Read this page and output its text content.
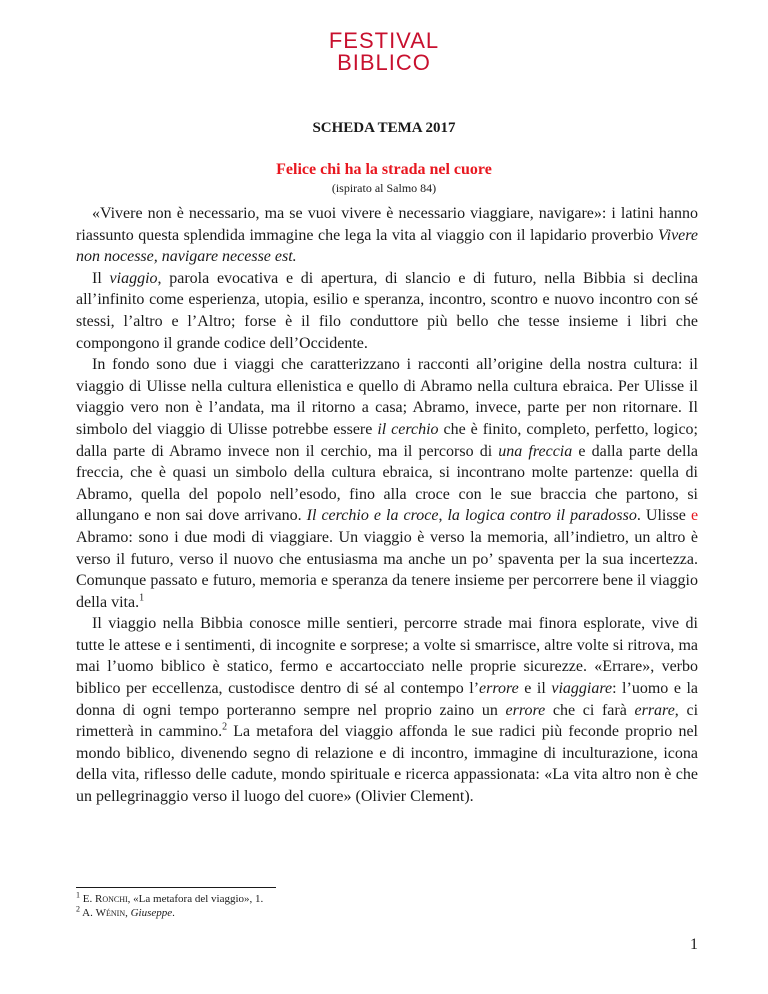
FESTIVAL
BIBLICO
SCHEDA TEMA 2017
Felice chi ha la strada nel cuore
(ispirato al Salmo 84)

«Vivere non è necessario, ma se vuoi vivere è necessario viaggiare, navigare»: i latini hanno riassunto questa splendida immagine che lega la vita al viaggio con il lapidario proverbio Vivere non nocesse, navigare necesse est.

Il viaggio, parola evocativa e di apertura, di slancio e di futuro, nella Bibbia si declina all’infinito come esperienza, utopia, esilio e speranza, incontro, scontro e nuovo incontro con sé stessi, l’altro e l’Altro; forse è il filo conduttore più bello che tesse insieme i libri che compongono il grande codice dell’Occidente.

In fondo sono due i viaggi che caratterizzano i racconti all’origine della nostra cultura: il viaggio di Ulisse nella cultura ellenistica e quello di Abramo nella cultura ebraica. Per Ulisse il viaggio vero non è l’andata, ma il ritorno a casa; Abramo, invece, parte per non ritornare. Il simbolo del viaggio di Ulisse potrebbe essere il cerchio che è finito, completo, perfetto, logico; dalla parte di Abramo invece non il cerchio, ma il percorso di una freccia e dalla parte della freccia, che è quasi un simbolo della cultura ebraica, si incontrano molte partenze: quella di Abramo, quella del popolo nell’esodo, fino alla croce con le sue braccia che partono, si allungano e non sai dove arrivano. Il cerchio e la croce, la logica contro il paradosso. Ulisse e Abramo: sono i due modi di viaggiare. Un viaggio è verso la memoria, all’indietro, un altro è verso il futuro, verso il nuovo che entusiasma ma anche un po’ spaventa per la sua incertezza. Comunque passato e futuro, memoria e speranza da tenere insieme per percorrere bene il viaggio della vita.$^1$

Il viaggio nella Bibbia conosce mille sentieri, percorre strade mai finora esplorate, vive di tutte le attese e i sentimenti, di incognite e sorprese; a volte si smarrisce, altre volte si ritrova, ma mai l’uomo biblico è statico, fermo e accartocciato nelle proprie sicurezze. «Errare», verbo biblico per eccellenza, custodisce dentro di sé al contempo l’errore e il viaggiare: l’uomo e la donna di ogni tempo porteranno sempre nel proprio zaino un errore che ci farà errare, ci rimetterà in cammino.$^2$ La metafora del viaggio affonda le sue radici più feconde proprio nel mondo biblico, divenendo segno di relazione e di incontro, immagine di inculturazione, icona della vita, riflesso delle cadute, mondo spirituale e ricerca appassionata: «La vita altro non è che un pellegrinaggio verso il luogo del cuore» (Olivier Clement).

$^1$ E. Ronchi, «La metafora del viaggio», 1.
$^2$ A. Wénin, Giuseppe.
1
